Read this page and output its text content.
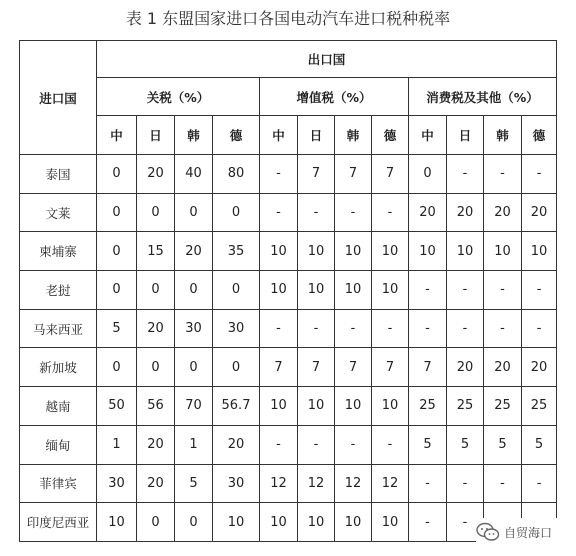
表 1 东盟国家进口各国电动汽车进口税种税率
进口国	出口国											
	关税（%）				增值税（%）				消费税及其他（%）			
	中	日	韩	德	中	日	韩	德	中	日	韩	德
泰国	0	20	40	80	-	7	7	7	0	-	-	-
文莱	0	0	0	0	-	-	-	-	20	20	20	20
柬埔寨	0	15	20	35	10	10	10	10	10	10	10	10
老挝	0	0	0	0	10	10	10	10	-	-	-	-
马来西亚	5	20	30	30	-	-	-	-	-	-	-	-
新加坡	0	0	0	0	7	7	7	7	7	20	20	20
越南	50	56	70	56.7	10	10	10	10	25	25	25	25
缅甸	1	20	1	20	-	-	-	-	5	5	5	5
菲律宾	30	20	5	30	12	12	12	12	-	-	-	-
印度尼西亚	10	0	0	10	10	10	10	10	-	-		
自贸海口
